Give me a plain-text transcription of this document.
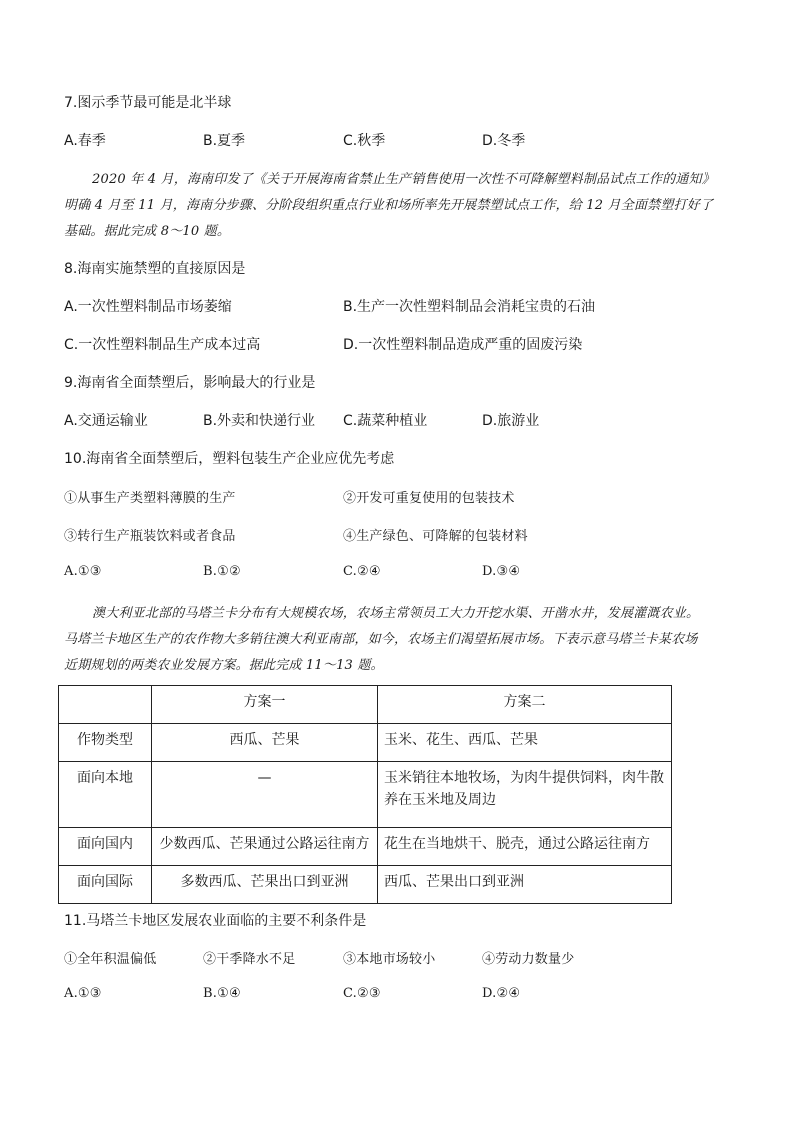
7.图示季节最可能是北半球
A.春季	B.夏季	C.秋季	D.冬季
2020 年 4 月，海南印发了《关于开展海南省禁止生产销售使用一次性不可降解塑料制品试点工作的通知》
明确 4 月至 11 月，海南分步骤、分阶段组织重点行业和场所率先开展禁塑试点工作，给 12 月全面禁塑打好了
基础。据此完成 8～10 题。
8.海南实施禁塑的直接原因是
A.一次性塑料制品市场萎缩	B.生产一次性塑料制品会消耗宝贵的石油
C.一次性塑料制品生产成本过高	D.一次性塑料制品造成严重的固废污染
9.海南省全面禁塑后，影响最大的行业是
A.交通运输业	B.外卖和快递行业 C.蔬菜种植业	D.旅游业
10.海南省全面禁塑后，塑料包装生产企业应优先考虑
①从事生产类塑料薄膜的生产	②开发可重复使用的包装技术
③转行生产瓶装饮料或者食品	④生产绿色、可降解的包装材料
A.①③	B.①②	C.②④	D.③④
澳大利亚北部的马塔兰卡分布有大规模农场，农场主常领员工大力开挖水渠、开凿水井，发展灌溉农业。
马塔兰卡地区生产的农作物大多销往澳大利亚南部，如今，农场主们渴望拓展市场。下表示意马塔兰卡某农场
近期规划的两类农业发展方案。据此完成 11～13 题。
	方案一	方案二
作物类型	西瓜、芒果	玉米、花生、西瓜、芒果
面向本地	—	玉米销往本地牧场，为肉牛提供饲料，肉牛散养在玉米地及周边
面向国内	少数西瓜、芒果通过公路运往南方	花生在当地烘干、脱壳，通过公路运往南方
面向国际	多数西瓜、芒果出口到亚洲	西瓜、芒果出口到亚洲
11.马塔兰卡地区发展农业面临的主要不利条件是
①全年积温偏低	②干季降水不足	③本地市场较小	④劳动力数量少
A.①③	B.①④	C.②③	D.②④
